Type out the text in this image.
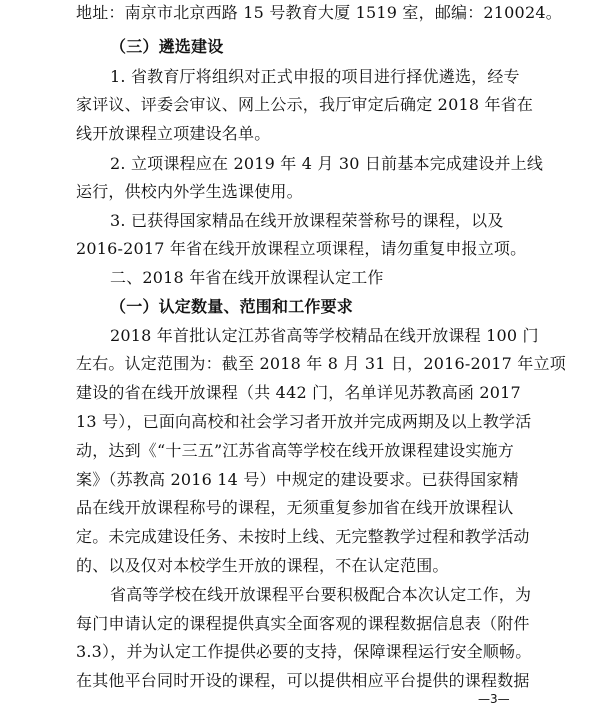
地址：南京市北京西路 15 号教育大厦 1519 室，邮编：210024。
（三）遴选建设
1. 省教育厅将组织对正式申报的项目进行择优遴选，经专
家评议、评委会审议、网上公示，我厅审定后确定 2018 年省在
线开放课程立项建设名单。
2. 立项课程应在 2019 年 4 月 30 日前基本完成建设并上线
运行，供校内外学生选课使用。
3. 已获得国家精品在线开放课程荣誉称号的课程，以及
2016-2017 年省在线开放课程立项课程，请勿重复申报立项。
二、2018 年省在线开放课程认定工作
（一）认定数量、范围和工作要求
2018 年首批认定江苏省高等学校精品在线开放课程 100 门
左右。认定范围为：截至 2018 年 8 月 31 日，2016-2017 年立项
建设的省在线开放课程（共 442 门，名单详见苏教高函 2017
13 号），已面向高校和社会学习者开放并完成两期及以上教学活
动，达到《“十三五”江苏省高等学校在线开放课程建设实施方
案》（苏教高 2016 14 号）中规定的建设要求。已获得国家精
品在线开放课程称号的课程，无须重复参加省在线开放课程认
定。未完成建设任务、未按时上线、无完整教学过程和教学活动
的、以及仅对本校学生开放的课程，不在认定范围。
省高等学校在线开放课程平台要积极配合本次认定工作，为
每门申请认定的课程提供真实全面客观的课程数据信息表（附件
3.3），并为认定工作提供必要的支持，保障课程运行安全顺畅。
在其他平台同时开设的课程，可以提供相应平台提供的课程数据
—3—
